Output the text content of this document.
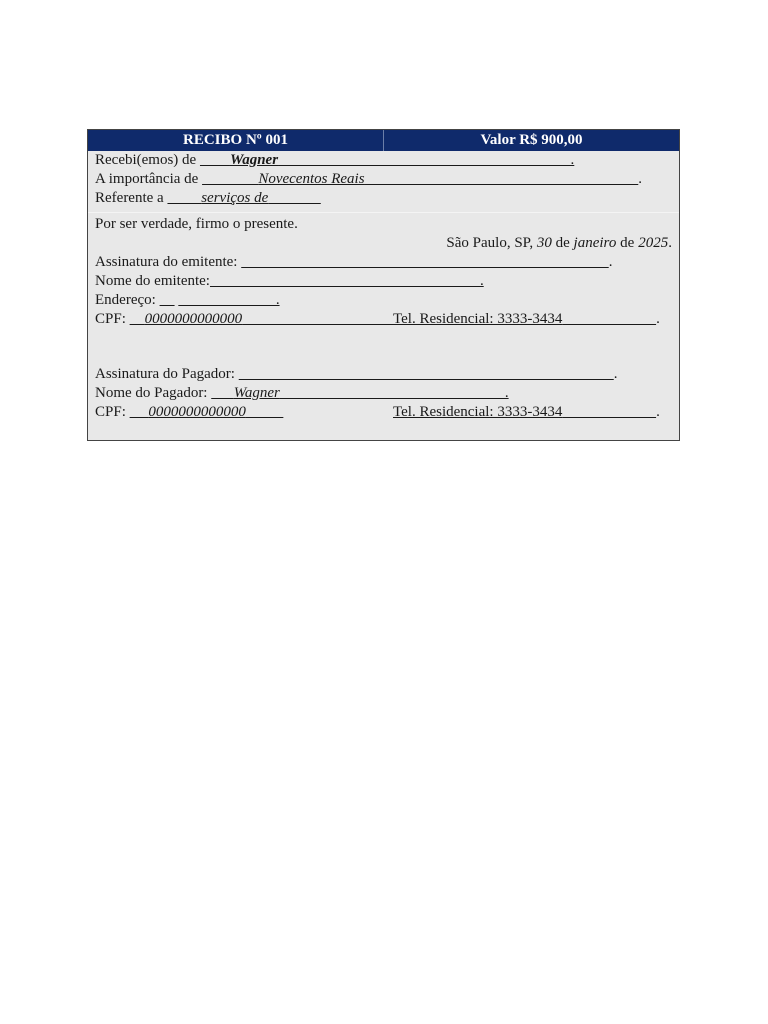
RECIBO Nº 001	Valor R$ 900,00
Recebi(emos) de Wagner                                                                              .
A importância de	Novecentos Reais	.
Referente a	serviços de
Por ser verdade, firmo o presente.
São Paulo, SP, 30 de janeiro de 2025.
Assinatura do emitente:	.
Nome do emitente:                                                                        .
Endereço:                                .
CPF: 0000000000000	Tel. Residencial: 3333-3434	.
Assinatura do Pagador:	.
Nome do Pagador: Wagner                                                            .
CPF: 0000000000000	Tel. Residencial: 3333-3434	.
